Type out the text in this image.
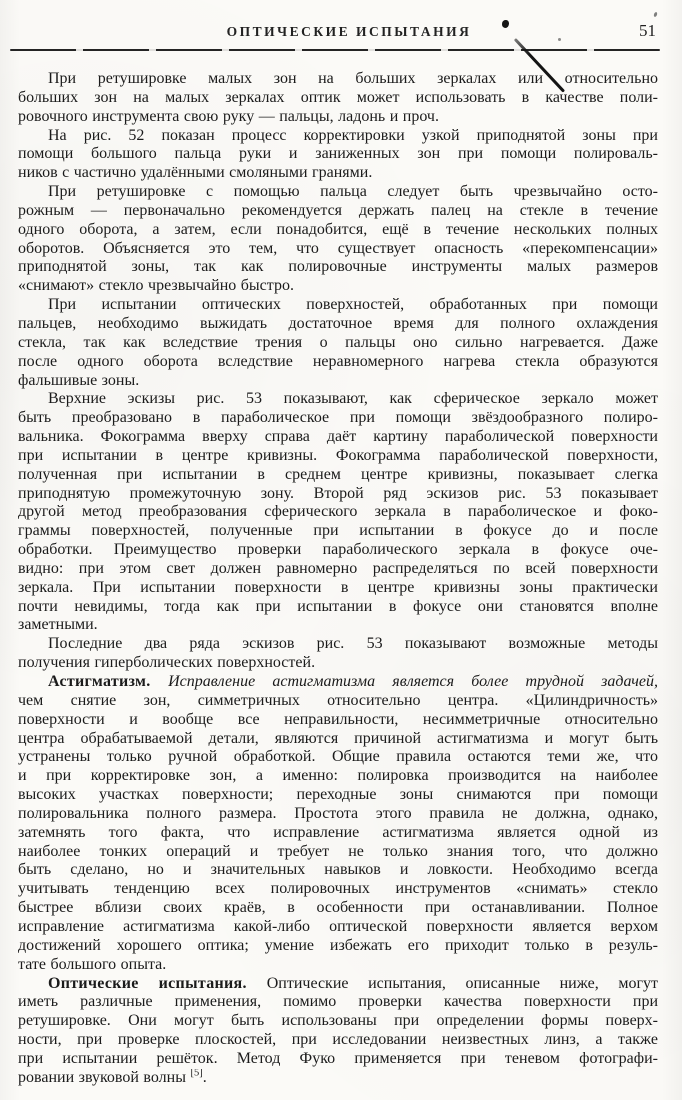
ОПТИЧЕСКИЕ ИСПЫТАНИЯ	51
При ретушировке малых зон на больших зеркалах или относительно
больших зон на малых зеркалах оптик может использовать в качестве поли-
ровочного инструмента свою руку — пальцы, ладонь и проч.
На рис. 52 показан процесс корректировки узкой приподнятой зоны при
помощи большого пальца руки и заниженных зон при помощи полироваль-
ников с частично удалёнными смоляными гранями.
При ретушировке с помощью пальца следует быть чрезвычайно осто-
рожным — первоначально рекомендуется держать палец на стекле в течение
одного оборота, а затем, если понадобится, ещё в течение нескольких полных
оборотов. Объясняется это тем, что существует опасность «перекомпенсации»
приподнятой зоны, так как полировочные инструменты малых размеров
«снимают» стекло чрезвычайно быстро.
При испытании оптических поверхностей, обработанных при помощи
пальцев, необходимо выжидать достаточное время для полного охлаждения
стекла, так как вследствие трения о пальцы оно сильно нагревается. Даже
после одного оборота вследствие неравномерного нагрева стекла образуются
фальшивые зоны.
Верхние эскизы рис. 53 показывают, как сферическое зеркало может
быть преобразовано в параболическое при помощи звёздообразного полиро-
вальника. Фокограмма вверху справа даёт картину параболической поверхности
при испытании в центре кривизны. Фокограмма параболической поверхности,
полученная при испытании в среднем центре кривизны, показывает слегка
приподнятую промежуточную зону. Второй ряд эскизов рис. 53 показывает
другой метод преобразования сферического зеркала в параболическое и фоко-
граммы поверхностей, полученные при испытании в фокусе до и после
обработки. Преимущество проверки параболического зеркала в фокусе оче-
видно: при этом свет должен равномерно распределяться по всей поверхности
зеркала. При испытании поверхности в центре кривизны зоны практически
почти невидимы, тогда как при испытании в фокусе они становятся вполне
заметными.
Последние два ряда эскизов рис. 53 показывают возможные методы
получения гиперболических поверхностей.
Астигматизм. Исправление астигматизма является более трудной задачей,
чем снятие зон, симметричных относительно центра. «Цилиндричность»
поверхности и вообще все неправильности, несимметричные относительно
центра обрабатываемой детали, являются причиной астигматизма и могут быть
устранены только ручной обработкой. Общие правила остаются теми же, что
и при корректировке зон, а именно: полировка производится на наиболее
высоких участках поверхности; переходные зоны снимаются при помощи
полировальника полного размера. Простота этого правила не должна, однако,
затемнять того факта, что исправление астигматизма является одной из
наиболее тонких операций и требует не только знания того, что должно
быть сделано, но и значительных навыков и ловкости. Необходимо всегда
учитывать тенденцию всех полировочных инструментов «снимать» стекло
быстрее вблизи своих краёв, в особенности при останавливании. Полное
исправление астигматизма какой-либо оптической поверхности является верхом
достижений хорошего оптика; умение избежать его приходит только в резуль-
тате большого опыта.
Оптические испытания. Оптические испытания, описанные ниже, могут
иметь различные применения, помимо проверки качества поверхности при
ретушировке. Они могут быть использованы при определении формы поверх-
ности, при проверке плоскостей, при исследовании неизвестных линз, а также
при испытании решёток. Метод Фуко применяется при теневом фотографи-
ровании звуковой волны [5].
